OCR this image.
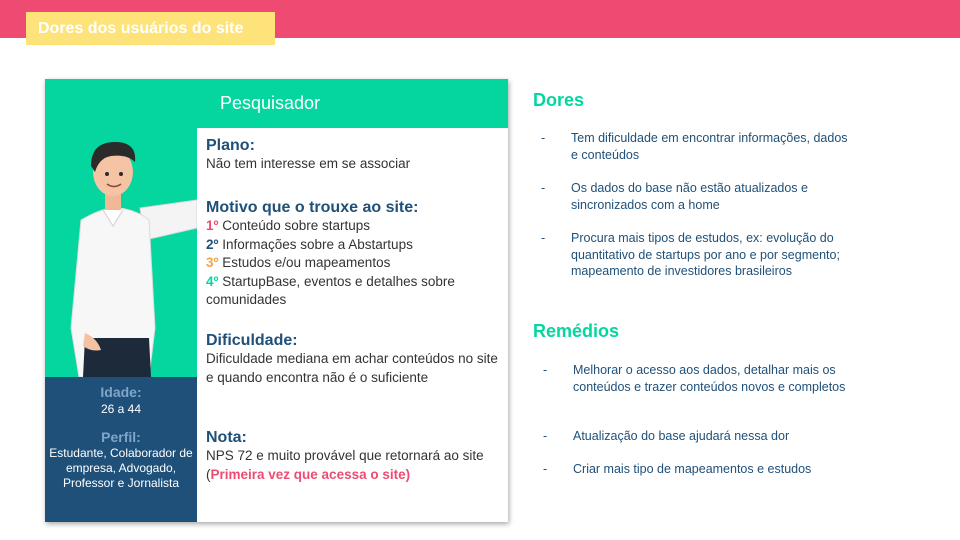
Dores dos usuários do site
Pesquisador
Idade:
26 a 44
Perfil:
Estudante, Colaborador de empresa, Advogado, Professor e Jornalista
Plano:
Não tem interesse em se associar
Motivo que o trouxe ao site:
1º Conteúdo sobre startups
2º Informações sobre a Abstartups
3º Estudos e/ou mapeamentos
4º StartupBase, eventos e detalhes sobre comunidades
Dificuldade:
Dificuldade mediana em achar conteúdos no site e quando encontra não é o suficiente
Nota:
NPS 72 e muito provável que retornará ao site (Primeira vez que acessa o site)
Dores
- Tem dificuldade em encontrar informações, dados e conteúdos
- Os dados do base não estão atualizados e sincronizados com a home
- Procura mais tipos de estudos, ex: evolução do quantitativo de startups por ano e por segmento; mapeamento de investidores brasileiros
Remédios
- Melhorar o acesso aos dados, detalhar mais os conteúdos e trazer conteúdos novos e completos
- Atualização do base ajudará nessa dor
- Criar mais tipo de mapeamentos e estudos
